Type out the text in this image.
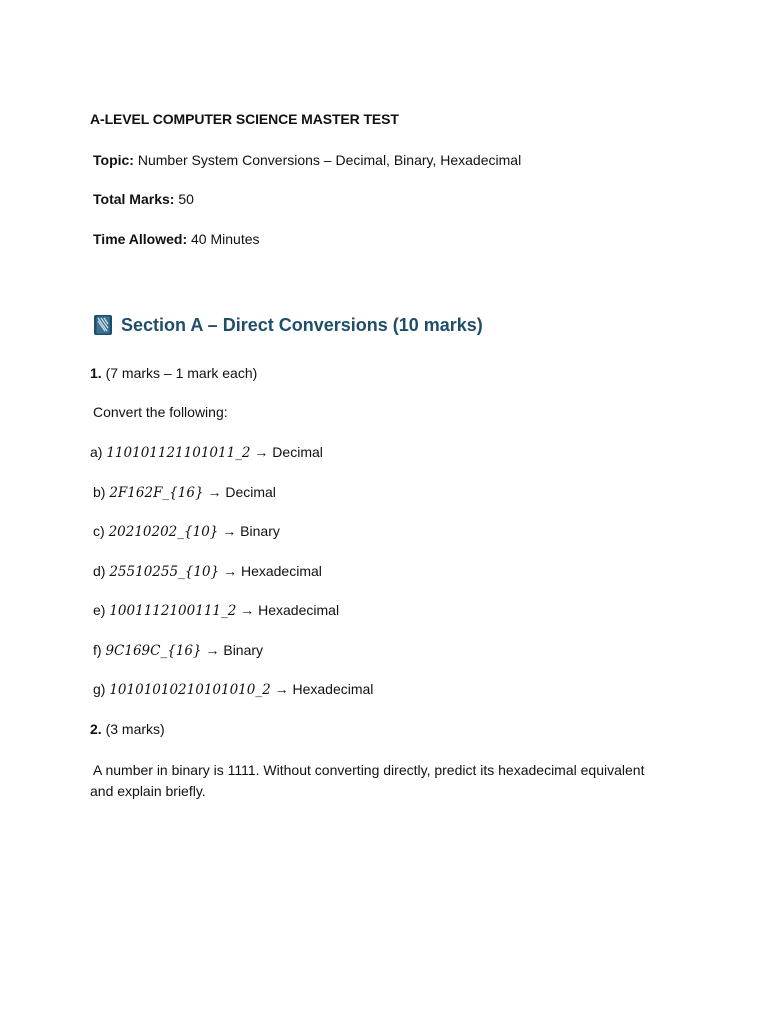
A-LEVEL COMPUTER SCIENCE MASTER TEST
Topic: Number System Conversions – Decimal, Binary, Hexadecimal
Total Marks: 50
Time Allowed: 40 Minutes
Section A – Direct Conversions (10 marks)
1. (7 marks – 1 mark each)
Convert the following:
a) 110101121101011_2 → Decimal
b) 2F162F_{16} → Decimal
c) 20210202_{10} → Binary
d) 25510255_{10} → Hexadecimal
e) 1001112100111_2 → Hexadecimal
f) 9C169C_{16} → Binary
g) 10101010210101010_2 → Hexadecimal
2. (3 marks)
A number in binary is 1111. Without converting directly, predict its hexadecimal equivalent
and explain briefly.
